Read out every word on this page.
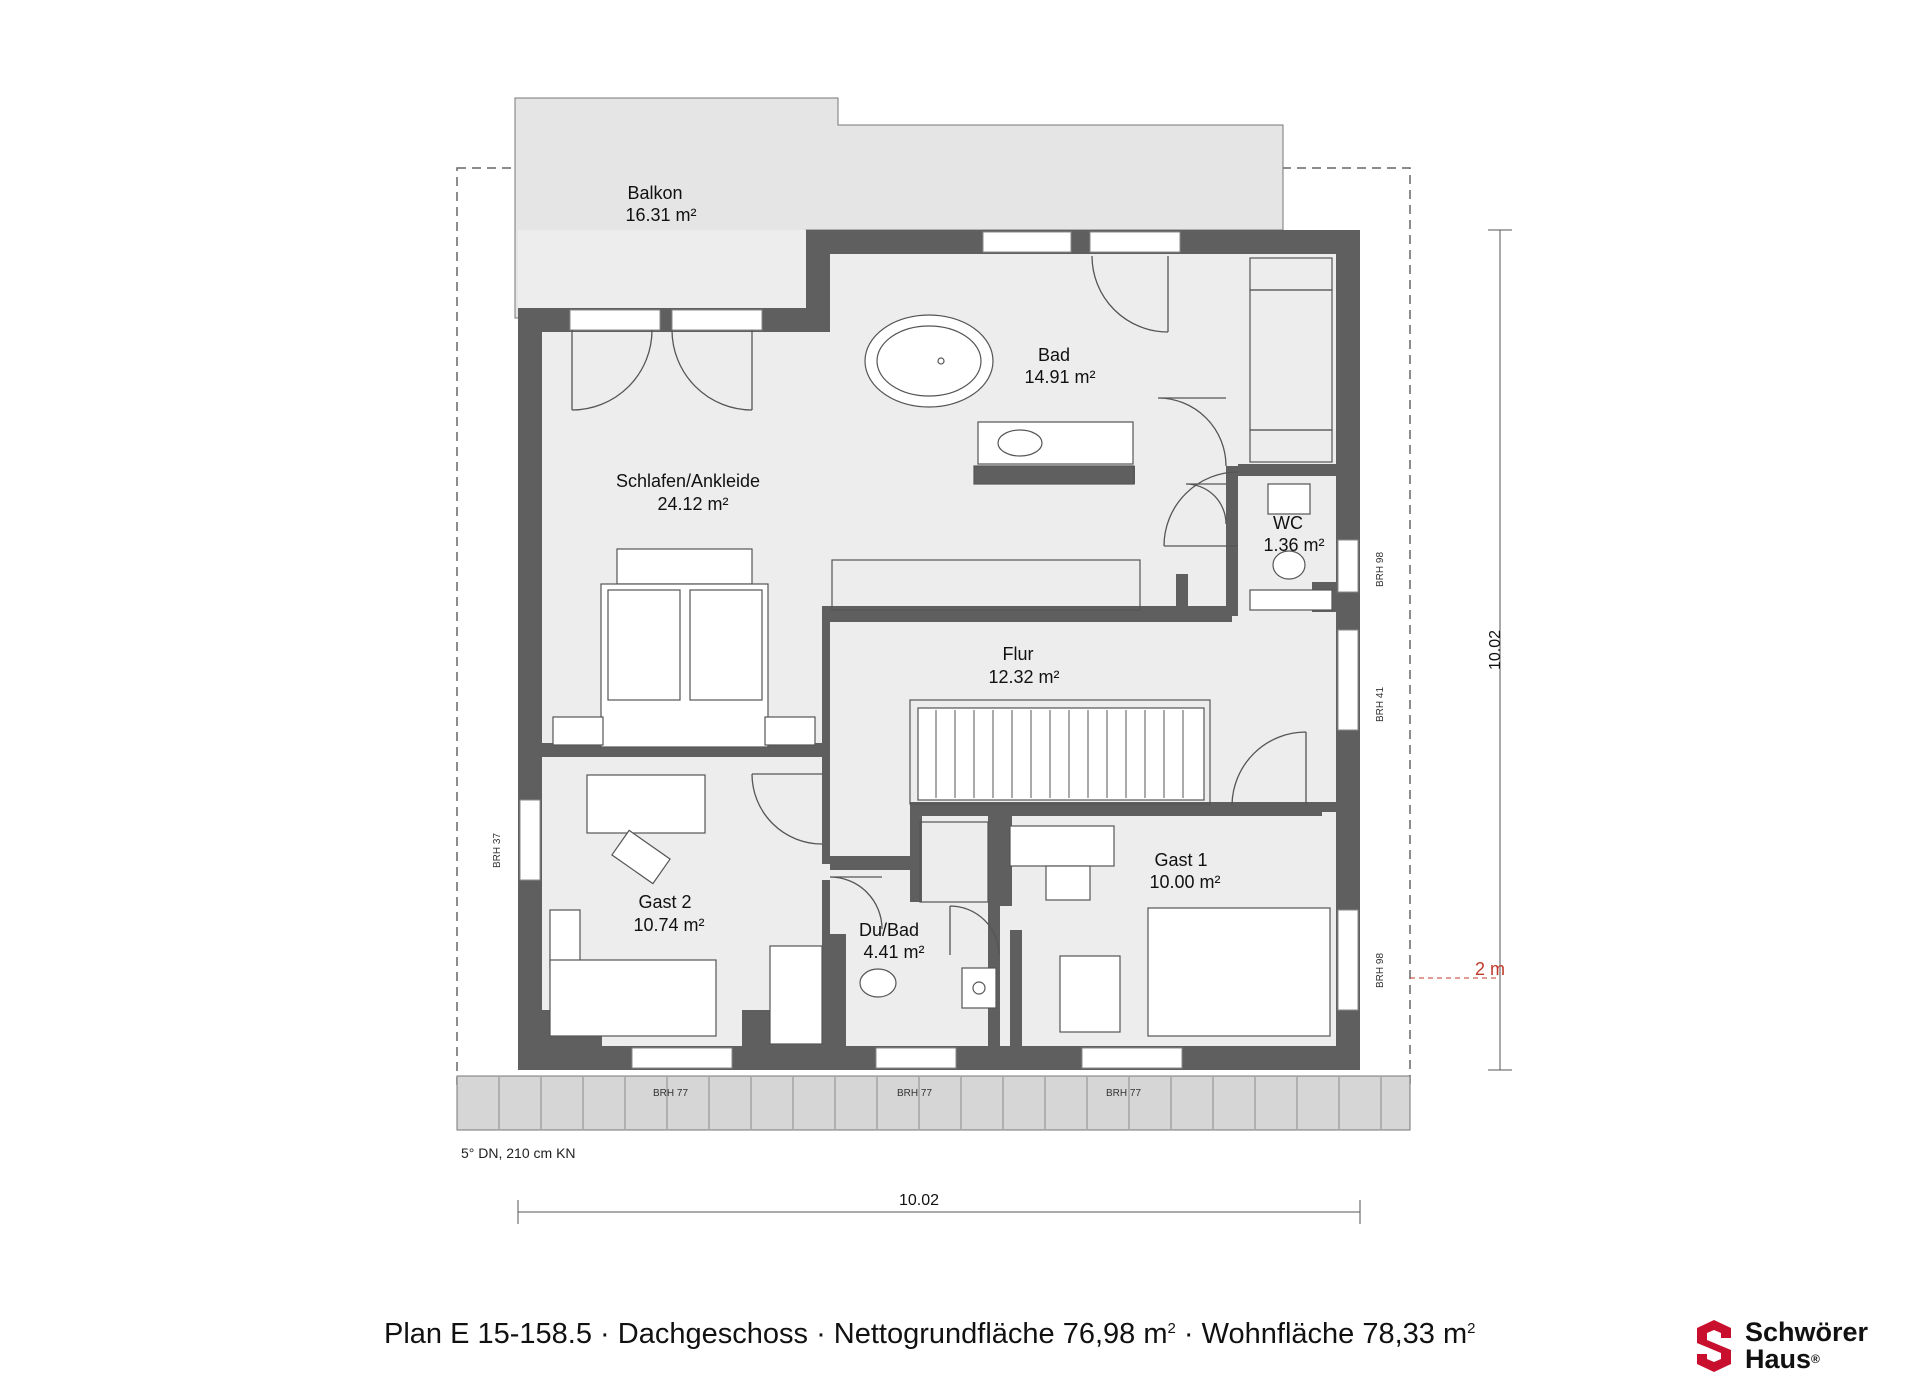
Balkon
16.31 m²
Bad
14.91 m²
Schlafen/Ankleide
24.12 m²
WC
1.36 m²
Flur
12.32 m²
Gast 1
10.00 m²
Gast 2
10.74 m²	Du/Bad
4.41 m²
BRH 98
BRH 41
BRH 98
BRH 37
BRH 77	BRH 77	BRH 77
10.02
10.02
2 m
5° DN, 210 cm KN
Plan E 15-158.5 · Dachgeschoss · Nettogrundfläche 76,98 $m^2$ · Wohnfläche 78,33 $m^2$	Schwörer
Haus®
